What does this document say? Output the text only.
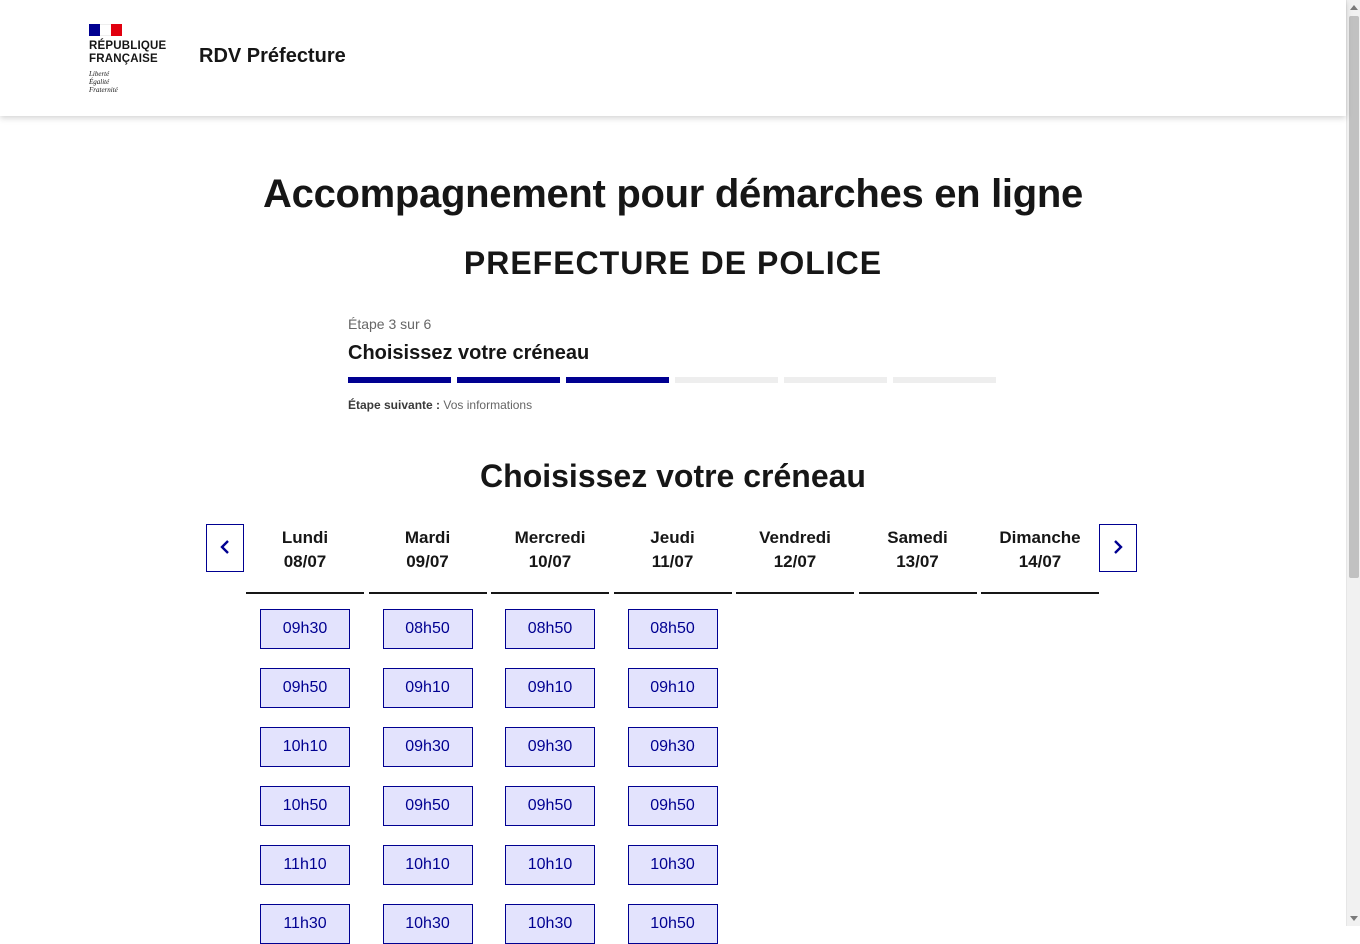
RÉPUBLIQUE
FRANÇAISE
Liberté
Égalité
Fraternité
RDV Préfecture
Accompagnement pour démarches en ligne
PREFECTURE DE POLICE
Étape 3 sur 6
Choisissez votre créneau
Étape suivante : Vos informations
Choisissez votre créneau
Lundi
08/07
09h30
09h50
10h10
10h50
11h10
11h30
Mardi
09/07
08h50
09h10
09h30
09h50
10h10
10h30
Mercredi
10/07
08h50
09h10
09h30
09h50
10h10
10h30
Jeudi
11/07
08h50
09h10
09h30
09h50
10h30
10h50
Vendredi
12/07
Samedi
13/07
Dimanche
14/07
